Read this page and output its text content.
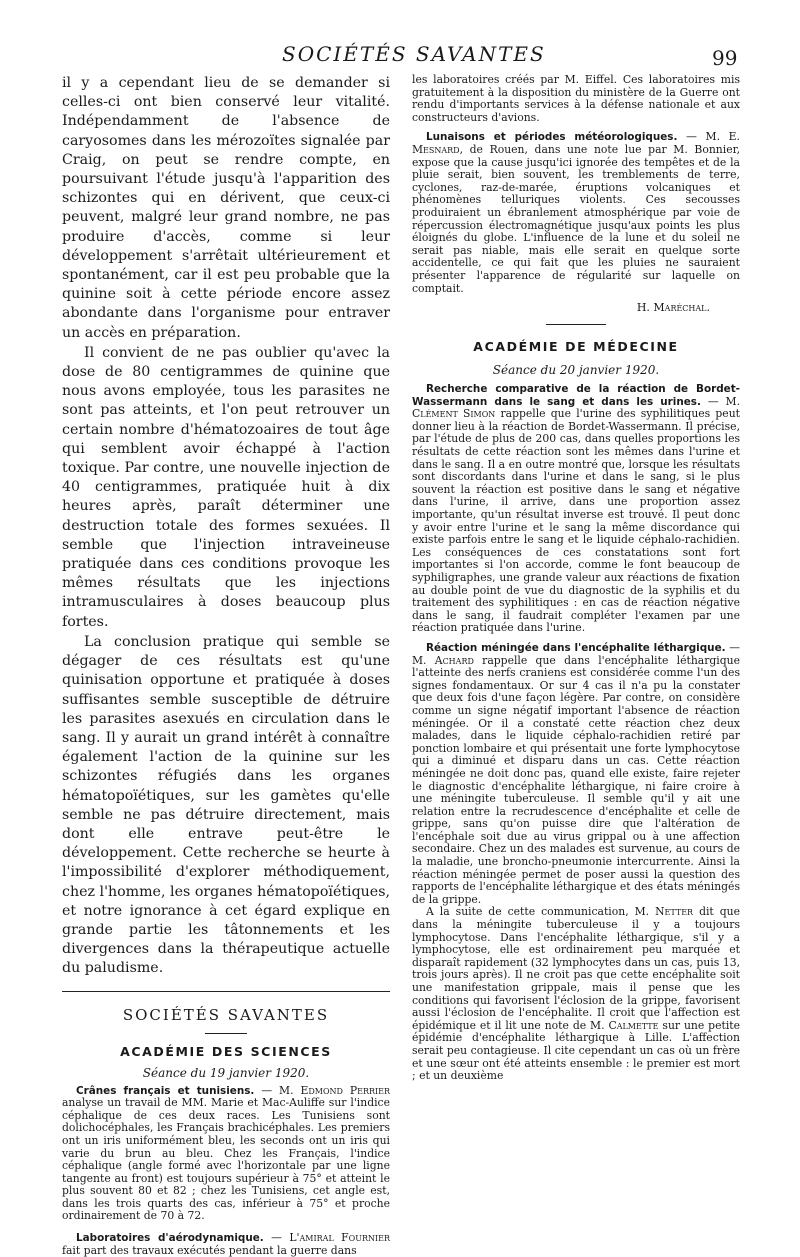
SOCIÉTÉS SAVANTES	99

il y a cependant lieu de se demander si celles-ci ont bien conservé leur vitalité. Indépendamment de l'absence de caryosomes dans les mérozoïtes signalée par Craig, on peut se rendre compte, en poursuivant l'étude jusqu'à l'apparition des schizontes qui en dérivent, que ceux-ci peuvent, malgré leur grand nombre, ne pas produire d'accès, comme si leur développement s'arrêtait ultérieurement et spontanément, car il est peu probable que la quinine soit à cette période encore assez abondante dans l'organisme pour entraver un accès en préparation.

Il convient de ne pas oublier qu'avec la dose de 80 centigrammes de quinine que nous avons employée, tous les parasites ne sont pas atteints, et l'on peut retrouver un certain nombre d'hématozoaires de tout âge qui semblent avoir échappé à l'action toxique. Par contre, une nouvelle injection de 40 centigrammes, pratiquée huit à dix heures après, paraît déterminer une destruction totale des formes sexuées. Il semble que l'injection intraveineuse pratiquée dans ces conditions provoque les mêmes résultats que les injections intramusculaires à doses beaucoup plus fortes.

La conclusion pratique qui semble se dégager de ces résultats est qu'une quinisation opportune et pratiquée à doses suffisantes semble susceptible de détruire les parasites asexués en circulation dans le sang. Il y aurait un grand intérêt à connaître également l'action de la quinine sur les schizontes réfugiés dans les organes hématopoïétiques, sur les gamètes qu'elle semble ne pas détruire directement, mais dont elle entrave peut-être le développement. Cette recherche se heurte à l'impossibilité d'explorer méthodiquement, chez l'homme, les organes hématopoïétiques, et notre ignorance à cet égard explique en grande partie les tâtonnements et les divergences dans la thérapeutique actuelle du paludisme.

SOCIÉTÉS SAVANTES

ACADÉMIE DES SCIENCES

Séance du 19 janvier 1920.

Crânes français et tunisiens. — M. Edmond Perrier analyse un travail de MM. Marie et Mac-Auliffe sur l'indice céphalique de ces deux races. Les Tunisiens sont dolichocéphales, les Français brachicéphales. Les premiers ont un iris uniformément bleu, les seconds ont un iris qui varie du brun au bleu. Chez les Français, l'indice céphalique (angle formé avec l'horizontale par une ligne tangente au front) est toujours supérieur à 75° et atteint le plus souvent 80 et 82 ; chez les Tunisiens, cet angle est, dans les trois quarts des cas, inférieur à 75° et proche ordinairement de 70 à 72.

Laboratoires d'aérodynamique. — L'amiral Fournier fait part des travaux exécutés pendant la guerre dans

les laboratoires créés par M. Eiffel. Ces laboratoires mis gratuitement à la disposition du ministère de la Guerre ont rendu d'importants services à la défense nationale et aux constructeurs d'avions.

Lunaisons et périodes météorologiques. — M. E. Mesnard, de Rouen, dans une note lue par M. Bonnier, expose que la cause jusqu'ici ignorée des tempêtes et de la pluie serait, bien souvent, les tremblements de terre, cyclones, raz-de-marée, éruptions volcaniques et phénomènes telluriques violents. Ces secousses produiraient un ébranlement atmosphérique par voie de répercussion électromagnétique jusqu'aux points les plus éloignés du globe. L'influence de la lune et du soleil ne serait pas niable, mais elle serait en quelque sorte accidentelle, ce qui fait que les pluies ne sauraient présenter l'apparence de régularité sur laquelle on comptait.

H. Maréchal.

ACADÉMIE DE MÉDECINE

Séance du 20 janvier 1920.

Recherche comparative de la réaction de Bordet-Wassermann dans le sang et dans les urines. — M. Clément Simon rappelle que l'urine des syphilitiques peut donner lieu à la réaction de Bordet-Wassermann. Il précise, par l'étude de plus de 200 cas, dans quelles proportions les résultats de cette réaction sont les mêmes dans l'urine et dans le sang. Il a en outre montré que, lorsque les résultats sont discordants dans l'urine et dans le sang, si le plus souvent la réaction est positive dans le sang et négative dans l'urine, il arrive, dans une proportion assez importante, qu'un résultat inverse est trouvé. Il peut donc y avoir entre l'urine et le sang la même discordance qui existe parfois entre le sang et le liquide céphalo-rachidien. Les conséquences de ces constatations sont fort importantes si l'on accorde, comme le font beaucoup de syphiligraphes, une grande valeur aux réactions de fixation au double point de vue du diagnostic de la syphilis et du traitement des syphilitiques : en cas de réaction négative dans le sang, il faudrait compléter l'examen par une réaction pratiquée dans l'urine.

Réaction méningée dans l'encéphalite léthargique. — M. Achard rappelle que dans l'encéphalite léthargique l'atteinte des nerfs craniens est considérée comme l'un des signes fondamentaux. Or sur 4 cas il n'a pu la constater que deux fois d'une façon légère. Par contre, on considère comme un signe négatif important l'absence de réaction méningée. Or il a constaté cette réaction chez deux malades, dans le liquide céphalo-rachidien retiré par ponction lombaire et qui présentait une forte lymphocytose qui a diminué et disparu dans un cas. Cette réaction méningée ne doit donc pas, quand elle existe, faire rejeter le diagnostic d'encéphalite léthargique, ni faire croire à une méningite tuberculeuse. Il semble qu'il y ait une relation entre la recrudescence d'encéphalite et celle de grippe, sans qu'on puisse dire que l'altération de l'encéphale soit due au virus grippal ou à une affection secondaire. Chez un des malades est survenue, au cours de la maladie, une broncho-pneumonie intercurrente. Ainsi la réaction méningée permet de poser aussi la question des rapports de l'encéphalite léthargique et des états méningés de la grippe.

A la suite de cette communication, M. Netter dit que dans la méningite tuberculeuse il y a toujours lymphocytose. Dans l'encéphalite léthargique, s'il y a lymphocytose, elle est ordinairement peu marquée et disparaît rapidement (32 lymphocytes dans un cas, puis 13, trois jours après). Il ne croit pas que cette encéphalite soit une manifestation grippale, mais il pense que les conditions qui favorisent l'éclosion de la grippe, favorisent aussi l'éclosion de l'encéphalite. Il croit que l'affection est épidémique et il lit une note de M. Calmette sur une petite épidémie d'encéphalite léthargique à Lille. L'affection serait peu contagieuse. Il cite cependant un cas où un frère et une sœur ont été atteints ensemble : le premier est mort ; et un deuxième
